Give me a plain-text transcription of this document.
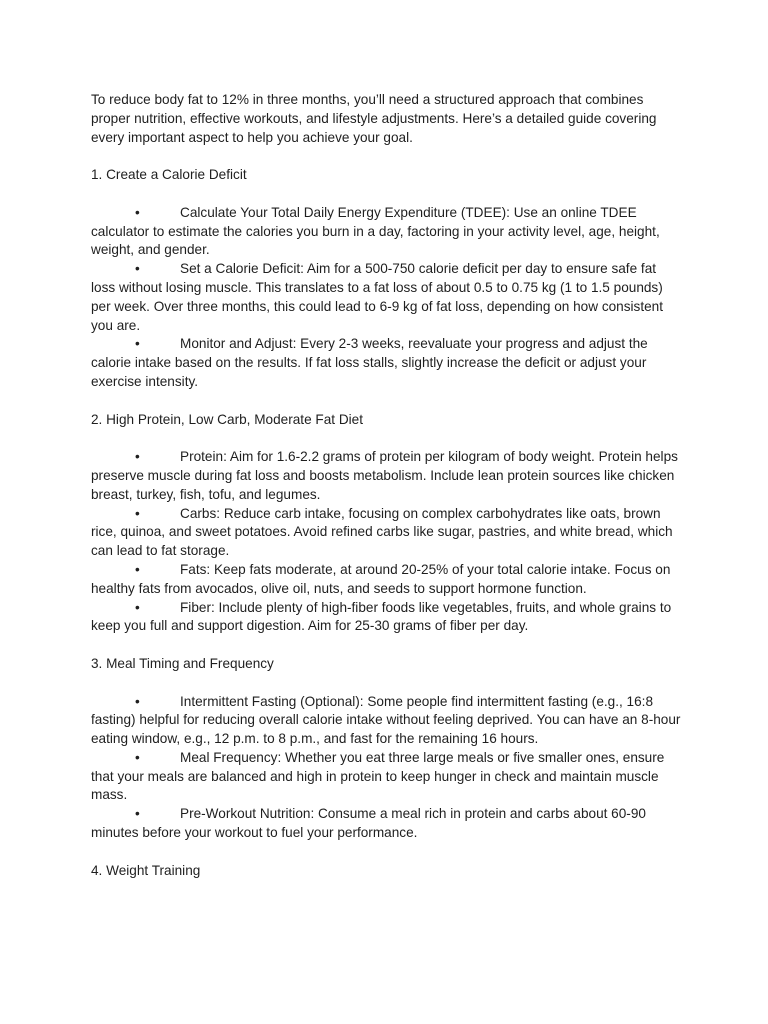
To reduce body fat to 12% in three months, you’ll need a structured approach that combines proper nutrition, effective workouts, and lifestyle adjustments. Here’s a detailed guide covering every important aspect to help you achieve your goal.

1. Create a Calorie Deficit

•	Calculate Your Total Daily Energy Expenditure (TDEE): Use an online TDEE calculator to estimate the calories you burn in a day, factoring in your activity level, age, height, weight, and gender.

•	Set a Calorie Deficit: Aim for a 500-750 calorie deficit per day to ensure safe fat loss without losing muscle. This translates to a fat loss of about 0.5 to 0.75 kg (1 to 1.5 pounds) per week. Over three months, this could lead to 6-9 kg of fat loss, depending on how consistent you are.

•	Monitor and Adjust: Every 2-3 weeks, reevaluate your progress and adjust the calorie intake based on the results. If fat loss stalls, slightly increase the deficit or adjust your exercise intensity.

2. High Protein, Low Carb, Moderate Fat Diet

•	Protein: Aim for 1.6-2.2 grams of protein per kilogram of body weight. Protein helps preserve muscle during fat loss and boosts metabolism. Include lean protein sources like chicken breast, turkey, fish, tofu, and legumes.

•	Carbs: Reduce carb intake, focusing on complex carbohydrates like oats, brown rice, quinoa, and sweet potatoes. Avoid refined carbs like sugar, pastries, and white bread, which can lead to fat storage.

•	Fats: Keep fats moderate, at around 20-25% of your total calorie intake. Focus on healthy fats from avocados, olive oil, nuts, and seeds to support hormone function.

•	Fiber: Include plenty of high-fiber foods like vegetables, fruits, and whole grains to keep you full and support digestion. Aim for 25-30 grams of fiber per day.

3. Meal Timing and Frequency

•	Intermittent Fasting (Optional): Some people find intermittent fasting (e.g., 16:8 fasting) helpful for reducing overall calorie intake without feeling deprived. You can have an 8-hour eating window, e.g., 12 p.m. to 8 p.m., and fast for the remaining 16 hours.

•	Meal Frequency: Whether you eat three large meals or five smaller ones, ensure that your meals are balanced and high in protein to keep hunger in check and maintain muscle mass.

•	Pre-Workout Nutrition: Consume a meal rich in protein and carbs about 60-90 minutes before your workout to fuel your performance.

4. Weight Training
